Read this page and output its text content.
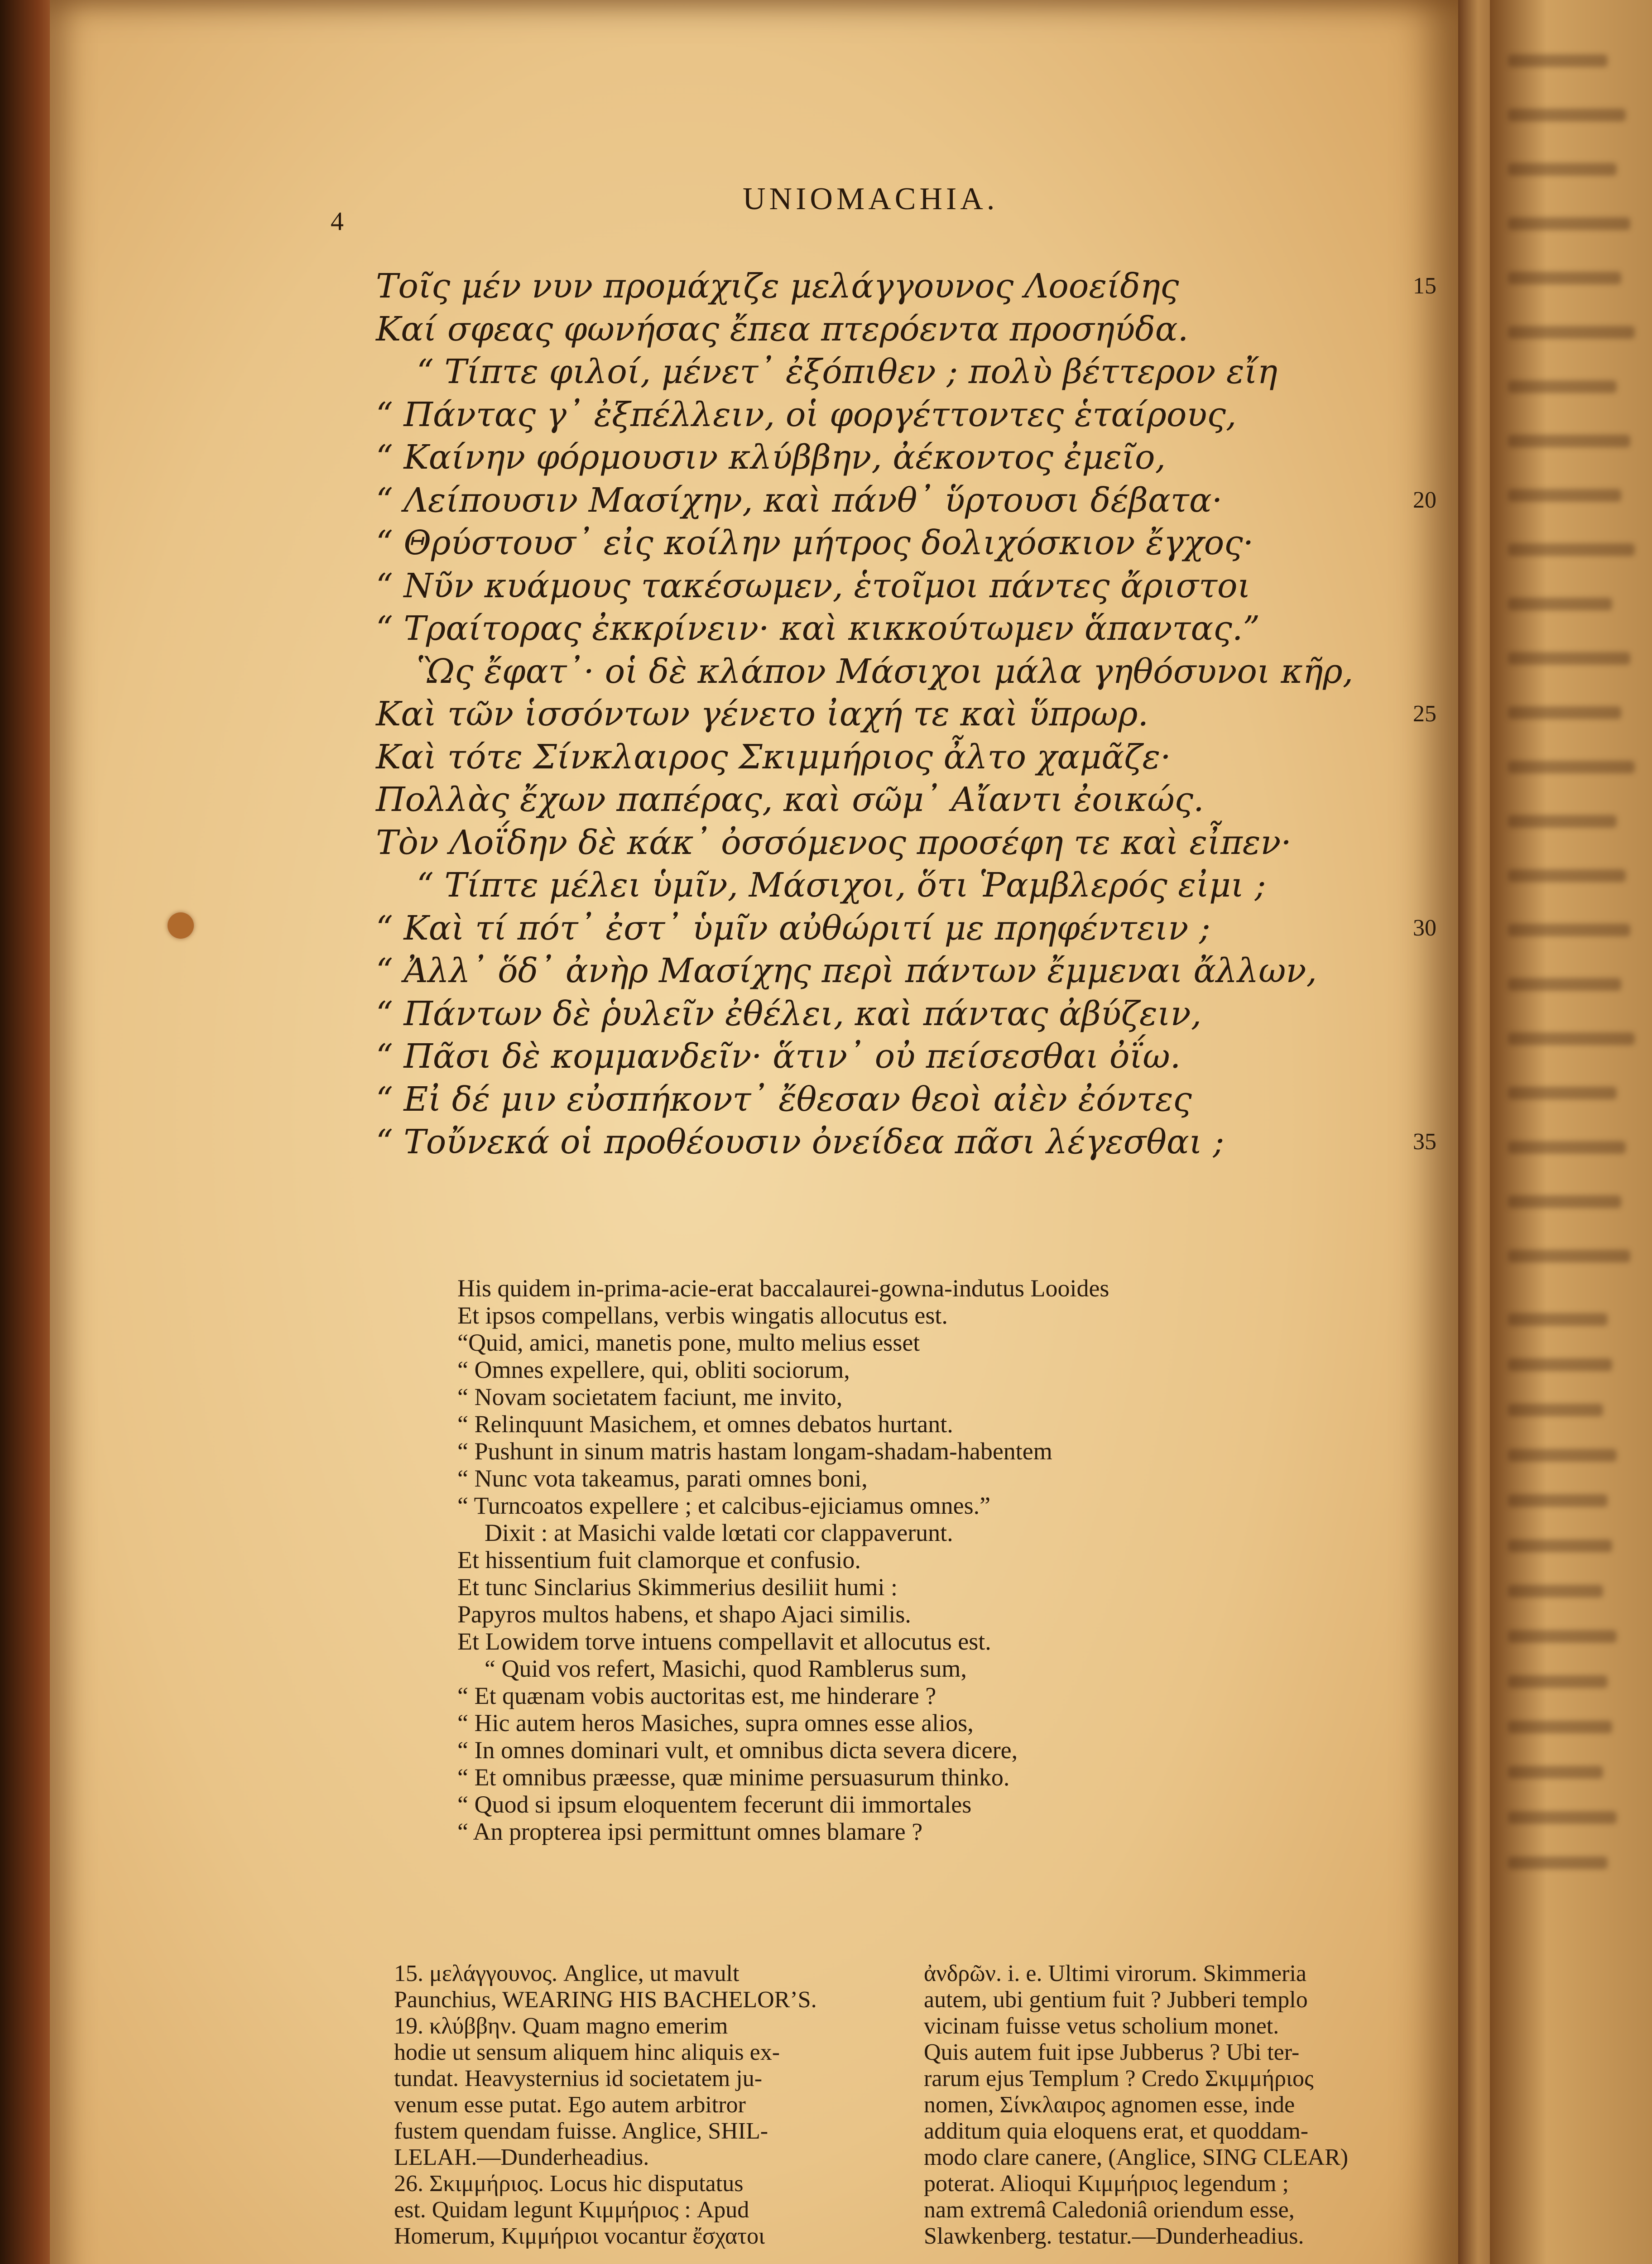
4
UNIOMACHIA.
Τοῖς μέν νυν προμάχιζε μελάγγουνος Λοοείδης	15
Καί σφεας φωνήσας ἔπεα πτερόεντα προσηύδα.
“ Τίπτε φιλοί, μένετ᾽ ἐξόπιθεν ; πολὺ βέττερον εἴη
“ Πάντας γ᾽ ἐξπέλλειν, οἱ φοργέττοντες ἑταίρους,
“ Καίνην φόρμουσιν κλύββην, ἀέκοντος ἐμεῖο,
“ Λείπουσιν Μασίχην, καὶ πάνθ᾽ ὕρτουσι δέβατα·	20
“ Θρύστουσ᾽ εἰς κοίλην μήτρος δολιχόσκιον ἔγχος·
“ Νῦν κυάμους τακέσωμεν, ἑτοῖμοι πάντες ἄριστοι
“ Τραίτορας ἐκκρίνειν· καὶ κικκούτωμεν ἅπαντας.”
Ὣς ἔφατ᾽· οἱ δὲ κλάπον Μάσιχοι μάλα γηθόσυνοι κῆρ,
Καὶ τῶν ἱσσόντων γένετο ἰαχή τε καὶ ὕπρωρ.	25
Καὶ τότε Σίνκλαιρος Σκιμμήριος ἆλτο χαμᾶζε·
Πολλὰς ἔχων παπέρας, καὶ σῶμ᾽ Αἴαντι ἐοικώς.
Τὸν Λοΐδην δὲ κάκ᾽ ὀσσόμενος προσέφη τε καὶ εἶπεν·
“ Τίπτε μέλει ὑμῖν, Μάσιχοι, ὅτι Ῥαμβλερός εἰμι ;
“ Καὶ τί πότ᾽ ἐστ᾽ ὑμῖν αὐθώριτί με πρηφέντειν ;	30
“ Ἀλλ᾽ ὅδ᾽ ἀνὴρ Μασίχης περὶ πάντων ἔμμεναι ἄλλων,
“ Πάντων δὲ ῥυλεῖν ἐθέλει, καὶ πάντας ἀβύζειν,
“ Πᾶσι δὲ κομμανδεῖν· ἅτιν᾽ οὐ πείσεσθαι ὀΐω.
“ Εἰ δέ μιν εὐσπήκοντ᾽ ἔθεσαν θεοὶ αἰὲν ἐόντες
“ Τοὔνεκά οἱ προθέουσιν ὀνείδεα πᾶσι λέγεσθαι ;	35
His quidem in-prima-acie-erat baccalaurei-gowna-indutus Looides
Et ipsos compellans, verbis wingatis allocutus est.
“Quid, amici, manetis pone, multo melius esset
“ Omnes expellere, qui, obliti sociorum,
“ Novam societatem faciunt, me invito,
“ Relinquunt Masichem, et omnes debatos hurtant.
“ Pushunt in sinum matris hastam longam-shadam-habentem
“ Nunc vota takeamus, parati omnes boni,
“ Turncoatos expellere ; et calcibus-ejiciamus omnes.”
Dixit : at Masichi valde lœtati cor clappaverunt.
Et hissentium fuit clamorque et confusio.
Et tunc Sinclarius Skimmerius desiliit humi :
Papyros multos habens, et shapo Ajaci similis.
Et Lowidem torve intuens compellavit et allocutus est.
“ Quid vos refert, Masichi, quod Ramblerus sum,
“ Et quænam vobis auctoritas est, me hinderare ?
“ Hic autem heros Masiches, supra omnes esse alios,
“ In omnes dominari vult, et omnibus dicta severa dicere,
“ Et omnibus præesse, quæ minime persuasurum thinko.
“ Quod si ipsum eloquentem fecerunt dii immortales
“ An propterea ipsi permittunt omnes blamare ?
15. μελάγγουνος. Anglice, ut mavult
Paunchius, WEARING HIS BACHELOR’S.
19. κλύββην. Quam magno emerim
hodie ut sensum aliquem hinc aliquis ex-
tundat. Heavysternius id societatem ju-
venum esse putat. Ego autem arbitror
fustem quendam fuisse. Anglice, SHIL-
LELAH.—Dunderheadius.
26. Σκιμμήριος. Locus hic disputatus
est. Quidam legunt Κιμμήριος : Apud
Homerum, Κιμμήριοι vocantur ἔσχατοι
ἀνδρῶν. i. e. Ultimi virorum. Skimmeria
autem, ubi gentium fuit ? Jubberi templo
vicinam fuisse vetus scholium monet.
Quis autem fuit ipse Jubberus ? Ubi ter-
rarum ejus Templum ? Credo Σκιμμήριος
nomen, Σίνκλαιρος agnomen esse, inde
additum quia eloquens erat, et quoddam-
modo clare canere, (Anglice, SING CLEAR)
poterat. Alioqui Κιμμήριος legendum ;
nam extremâ Caledoniâ oriendum esse,
Slawkenberg. testatur.—Dunderheadius.
